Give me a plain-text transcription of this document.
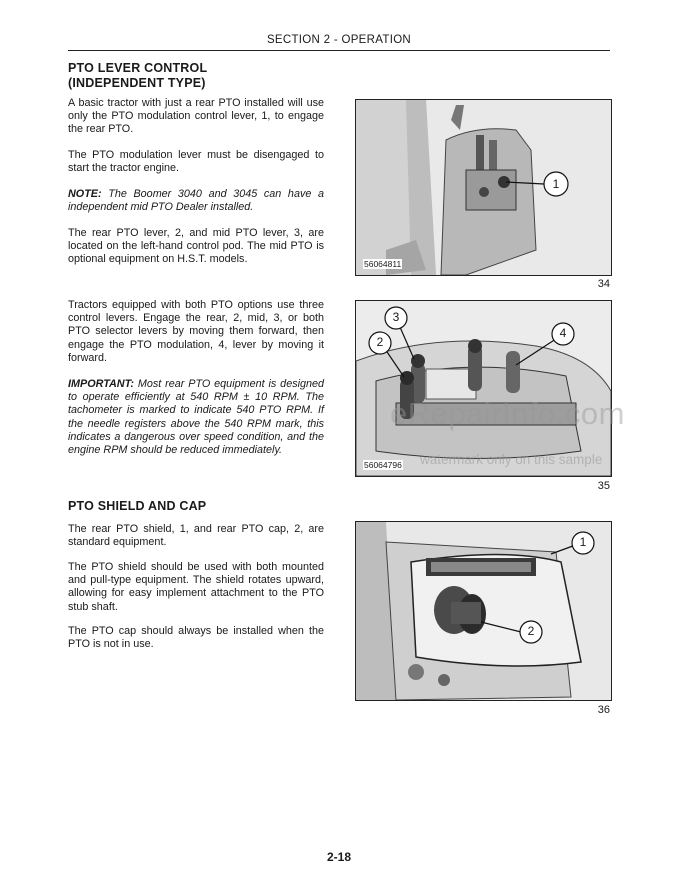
SECTION 2 - OPERATION
PTO LEVER CONTROL
(INDEPENDENT TYPE)
A basic tractor with just a rear PTO installed will use only the PTO modulation control lever, 1, to engage the rear PTO.
The PTO modulation lever must be disengaged to start the tractor engine.
NOTE: The Boomer 3040 and 3045 can have a independent mid PTO Dealer installed.
The rear PTO lever, 2, and mid PTO lever, 3, are located on the left-hand control pod. The mid PTO is optional equipment on H.S.T. models.
Tractors equipped with both PTO options use three control levers. Engage the rear, 2, mid, 3, or both PTO selector levers by moving them forward, then engage the PTO modulation, 4, lever by moving it forward.
IMPORTANT: Most rear PTO equipment is designed to operate efficiently at 540 RPM ± 10 RPM. The tachometer is marked to indicate 540 PTO RPM. If the needle registers above the 540 RPM mark, this indicates a dangerous over speed condition, and the engine RPM should be reduced immediately.
PTO SHIELD AND CAP
The rear PTO shield, 1, and rear PTO cap, 2, are standard equipment.
The PTO shield should be used with both mounted and pull-type equipment. The shield rotates upward, allowing for easy implement attachment to the PTO stub shaft.
The PTO cap should always be installed when the PTO is not in use.
1
56064811
34
3
2
4
56064796
35
1
2
36
eRepairInfo.com
watermark only on this sample
2-18
